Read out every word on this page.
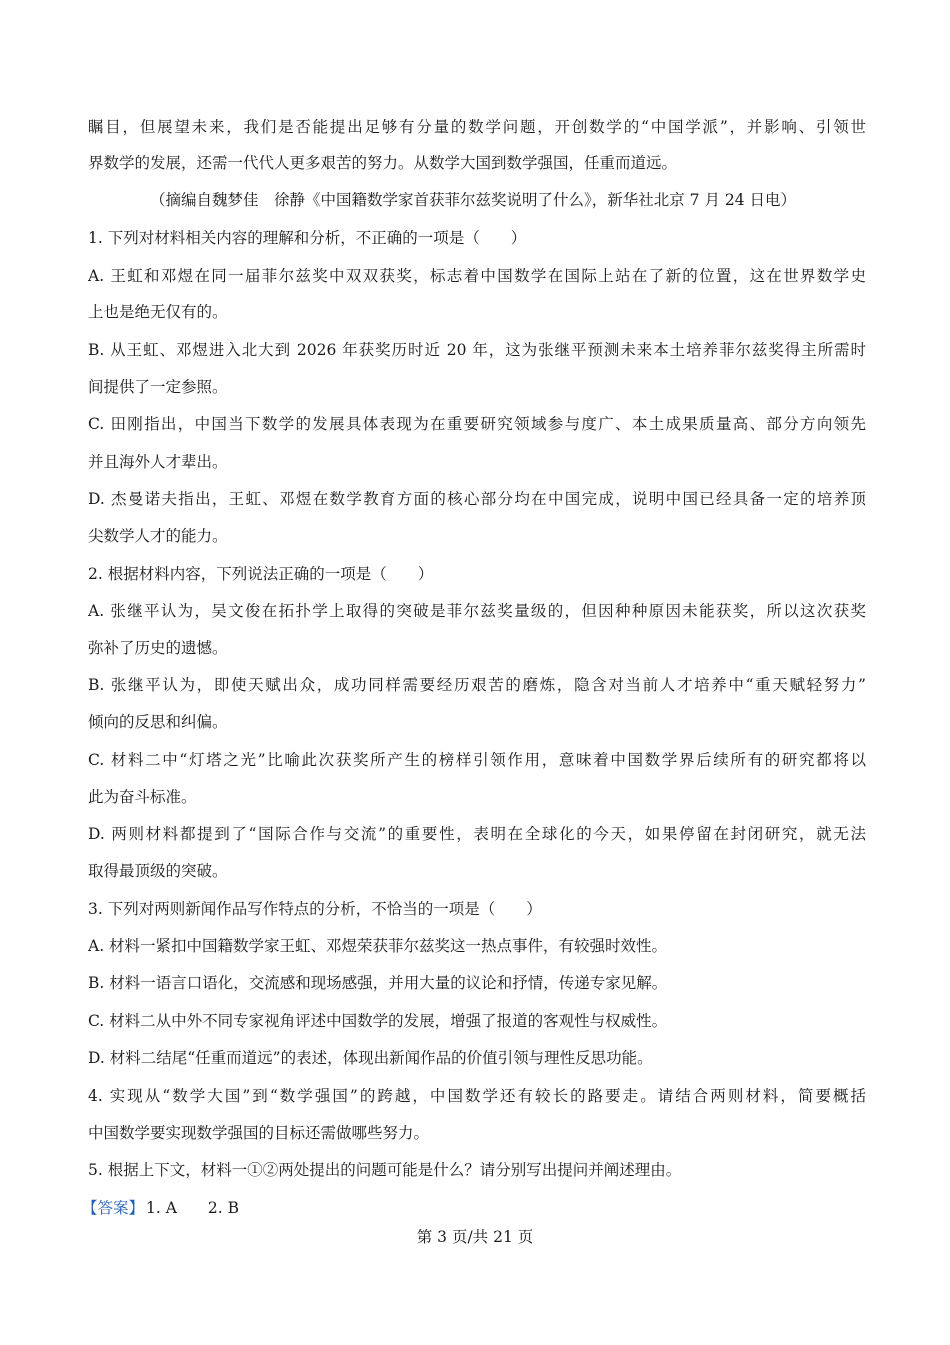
瞩目，但展望未来，我们是否能提出足够有分量的数学问题，开创数学的“中国学派”，并影响、引领世
界数学的发展，还需一代代人更多艰苦的努力。从数学大国到数学强国，任重而道远。
（摘编自魏梦佳　徐静《中国籍数学家首获菲尔兹奖说明了什么》，新华社北京 7 月 24 日电）
1. 下列对材料相关内容的理解和分析，不正确的一项是（　　）
A. 王虹和邓煜在同一届菲尔兹奖中双双获奖，标志着中国数学在国际上站在了新的位置，这在世界数学史
上也是绝无仅有的。
B. 从王虹、邓煜进入北大到 2026 年获奖历时近 20 年，这为张继平预测未来本土培养菲尔兹奖得主所需时
间提供了一定参照。
C. 田刚指出，中国当下数学的发展具体表现为在重要研究领域参与度广、本土成果质量高、部分方向领先
并且海外人才辈出。
D. 杰曼诺夫指出，王虹、邓煜在数学教育方面的核心部分均在中国完成，说明中国已经具备一定的培养顶
尖数学人才的能力。
2. 根据材料内容，下列说法正确的一项是（　　）
A. 张继平认为，吴文俊在拓扑学上取得的突破是菲尔兹奖量级的，但因种种原因未能获奖，所以这次获奖
弥补了历史的遗憾。
B. 张继平认为，即使天赋出众，成功同样需要经历艰苦的磨炼，隐含对当前人才培养中“重天赋轻努力”
倾向的反思和纠偏。
C. 材料二中“灯塔之光”比喻此次获奖所产生的榜样引领作用，意味着中国数学界后续所有的研究都将以
此为奋斗标准。
D. 两则材料都提到了“国际合作与交流”的重要性，表明在全球化的今天，如果停留在封闭研究，就无法
取得最顶级的突破。
3. 下列对两则新闻作品写作特点的分析，不恰当的一项是（　　）
A. 材料一紧扣中国籍数学家王虹、邓煜荣获菲尔兹奖这一热点事件，有较强时效性。
B. 材料一语言口语化，交流感和现场感强，并用大量的议论和抒情，传递专家见解。
C. 材料二从中外不同专家视角评述中国数学的发展，增强了报道的客观性与权威性。
D. 材料二结尾“任重而道远”的表述，体现出新闻作品的价值引领与理性反思功能。
4. 实现从“数学大国”到“数学强国”的跨越，中国数学还有较长的路要走。请结合两则材料，简要概括
中国数学要实现数学强国的目标还需做哪些努力。
5. 根据上下文，材料一①②两处提出的问题可能是什么？请分别写出提问并阐述理由。
【答案】 1. A　　2. B
第 3 页/共 21 页
